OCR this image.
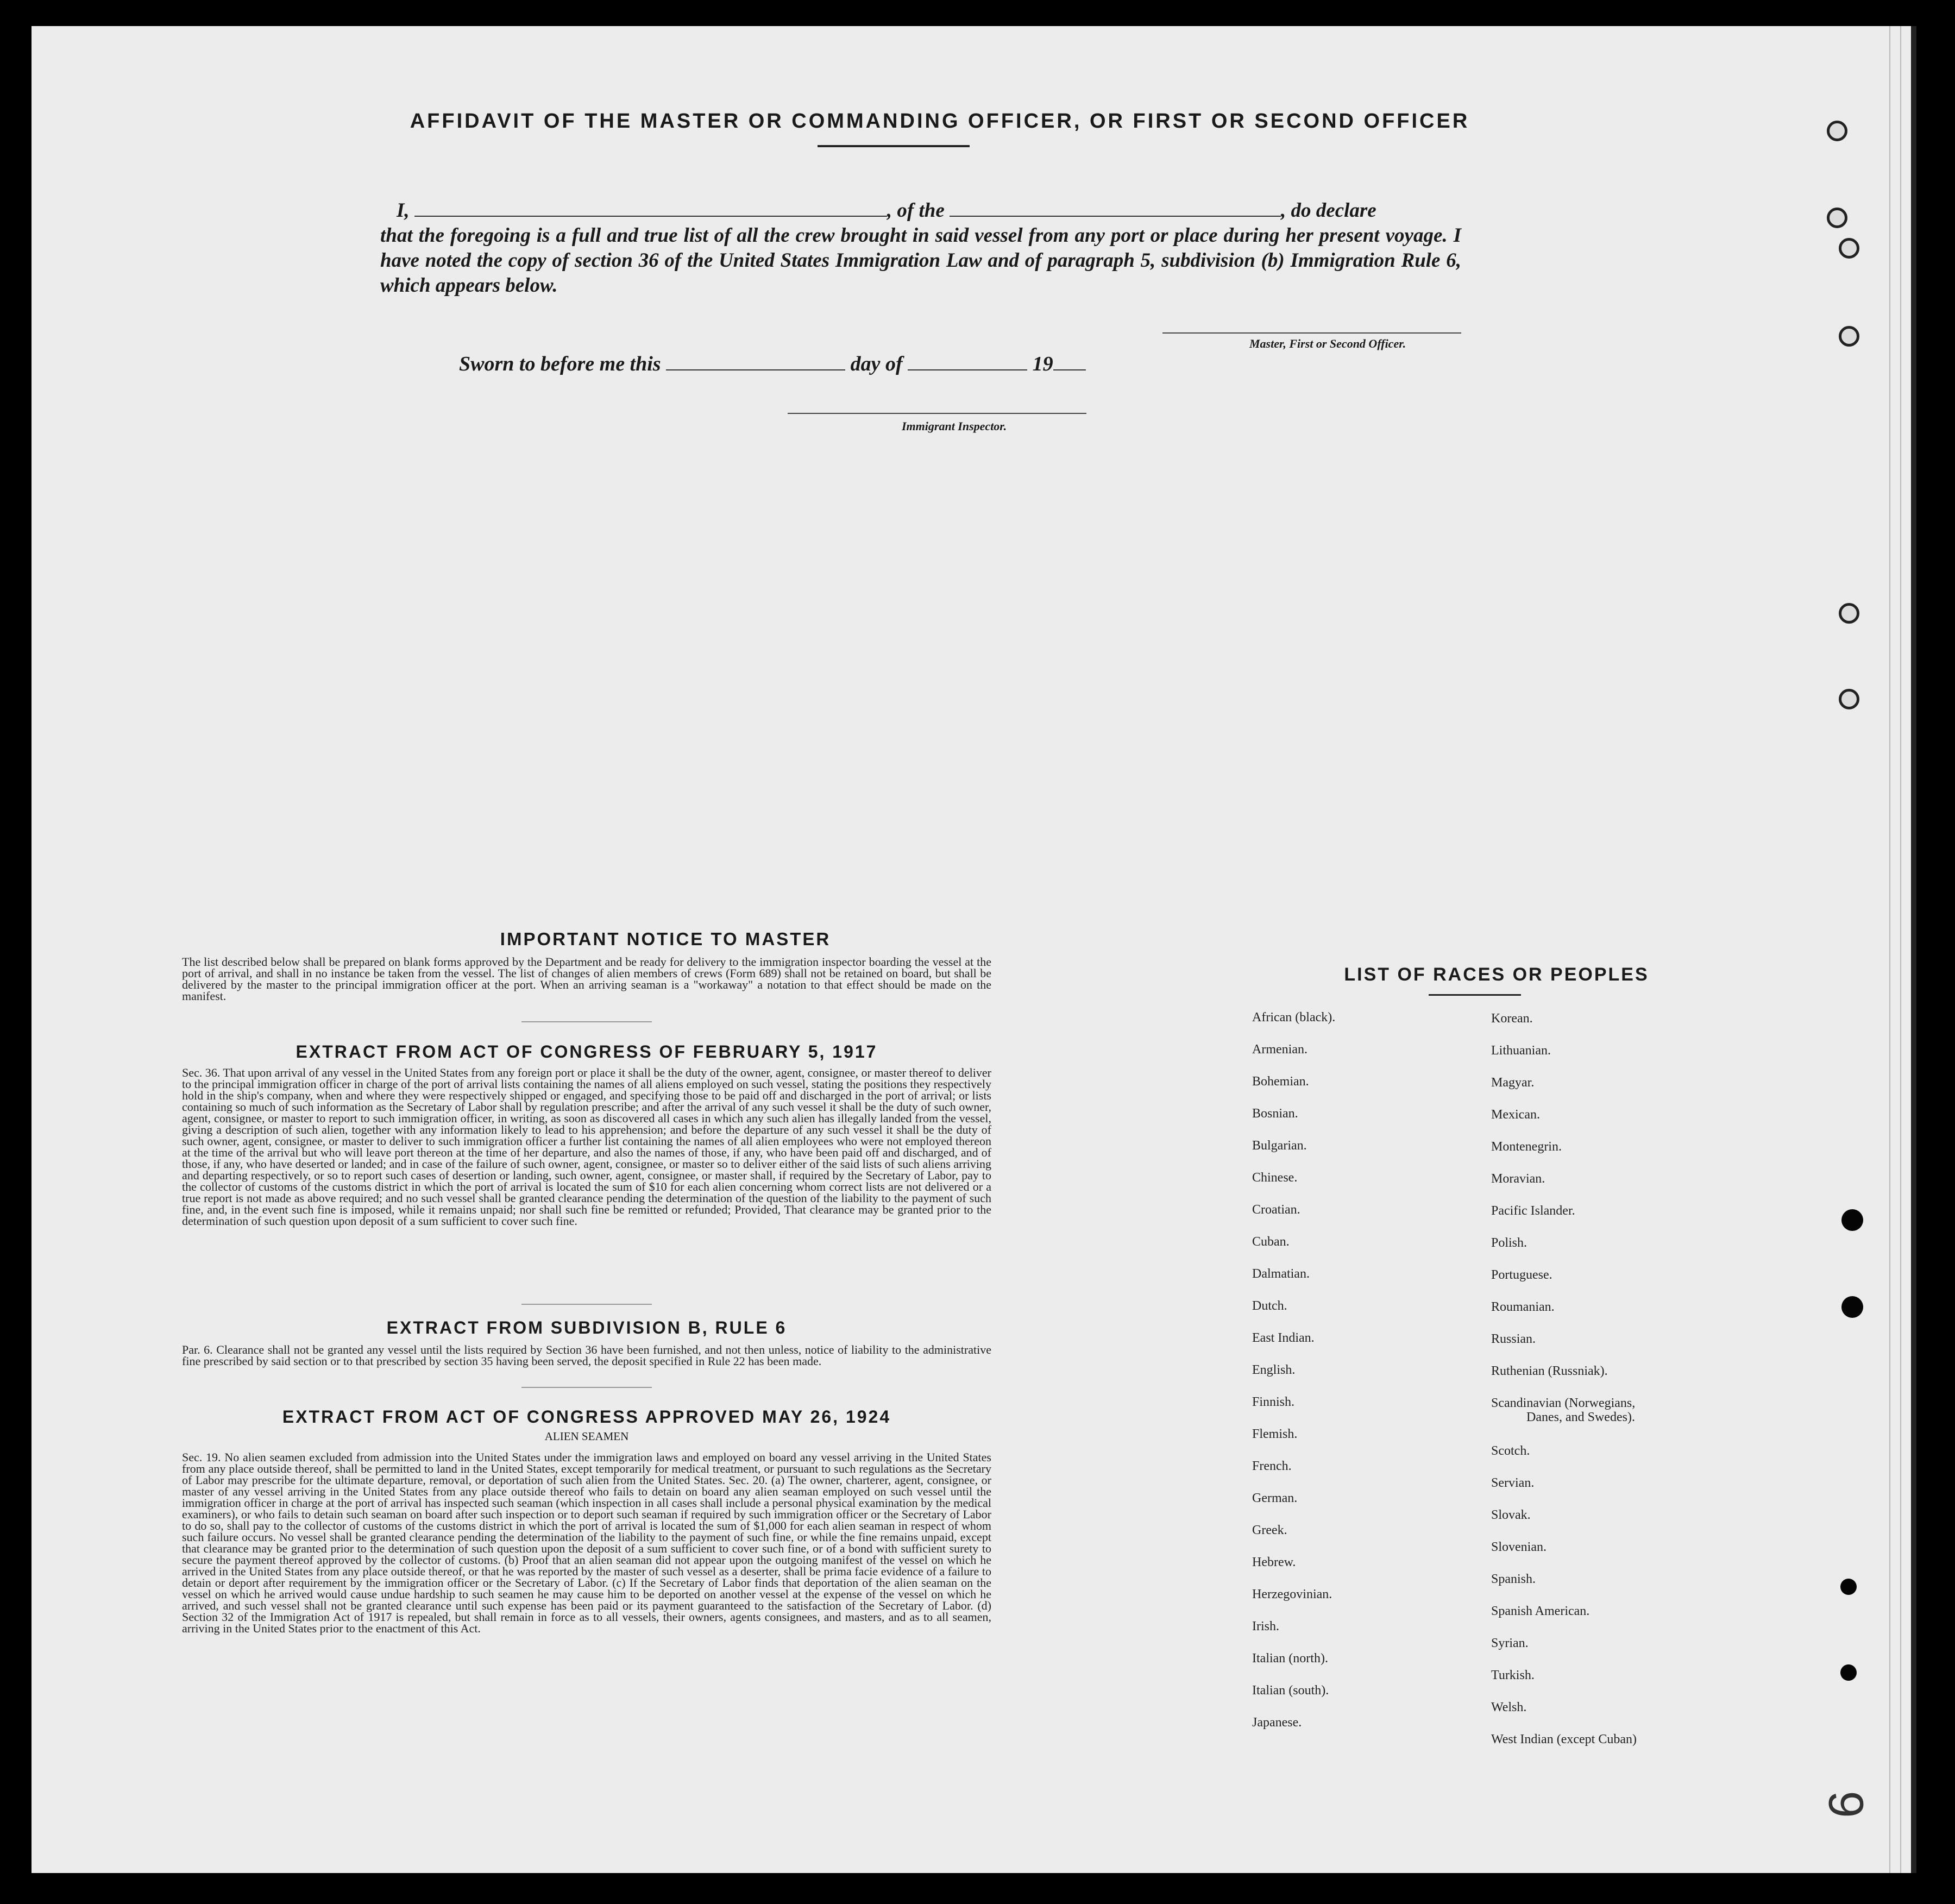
AFFIDAVIT OF THE MASTER OR COMMANDING OFFICER, OR FIRST OR SECOND OFFICER
I,	, of the	, do declare
that the foregoing is a full and true list of all the crew brought in said vessel from any port or place during her present voyage. I have noted the copy of section 36 of the United States Immigration Law and of paragraph 5, subdivision (b) Immigration Rule 6, which appears below.
Master, First or Second Officer.
Sworn to before me this	day of	19
Immigrant Inspector.
IMPORTANT NOTICE TO MASTER
The list described below shall be prepared on blank forms approved by the Department and be ready for delivery to the immigration inspector boarding the vessel at the port of arrival, and shall in no instance be taken from the vessel. The list of changes of alien members of crews (Form 689) shall not be retained on board, but shall be delivered by the master to the principal immigration officer at the port. When an arriving seaman is a "workaway" a notation to that effect should be made on the manifest.
EXTRACT FROM ACT OF CONGRESS OF FEBRUARY 5, 1917
Sec. 36. That upon arrival of any vessel in the United States from any foreign port or place it shall be the duty of the owner, agent, consignee, or master thereof to deliver to the principal immigration officer in charge of the port of arrival lists containing the names of all aliens employed on such vessel, stating the positions they respectively hold in the ship's company, when and where they were respectively shipped or engaged, and specifying those to be paid off and discharged in the port of arrival; or lists containing so much of such information as the Secretary of Labor shall by regulation prescribe; and after the arrival of any such vessel it shall be the duty of such owner, agent, consignee, or master to report to such immigration officer, in writing, as soon as discovered all cases in which any such alien has illegally landed from the vessel, giving a description of such alien, together with any information likely to lead to his apprehension; and before the departure of any such vessel it shall be the duty of such owner, agent, consignee, or master to deliver to such immigration officer a further list containing the names of all alien employees who were not employed thereon at the time of the arrival but who will leave port thereon at the time of her departure, and also the names of those, if any, who have been paid off and discharged, and of those, if any, who have deserted or landed; and in case of the failure of such owner, agent, consignee, or master so to deliver either of the said lists of such aliens arriving and departing respectively, or so to report such cases of desertion or landing, such owner, agent, consignee, or master shall, if required by the Secretary of Labor, pay to the collector of customs of the customs district in which the port of arrival is located the sum of $10 for each alien concerning whom correct lists are not delivered or a true report is not made as above required; and no such vessel shall be granted clearance pending the determination of the question of the liability to the payment of such fine, and, in the event such fine is imposed, while it remains unpaid; nor shall such fine be remitted or refunded; Provided, That clearance may be granted prior to the determination of such question upon deposit of a sum sufficient to cover such fine.
EXTRACT FROM SUBDIVISION B, RULE 6
Par. 6. Clearance shall not be granted any vessel until the lists required by Section 36 have been furnished, and not then unless, notice of liability to the administrative fine prescribed by said section or to that prescribed by section 35 having been served, the deposit specified in Rule 22 has been made.
EXTRACT FROM ACT OF CONGRESS APPROVED MAY 26, 1924
ALIEN SEAMEN
Sec. 19. No alien seamen excluded from admission into the United States under the immigration laws and employed on board any vessel arriving in the United States from any place outside thereof, shall be permitted to land in the United States, except temporarily for medical treatment, or pursuant to such regulations as the Secretary of Labor may prescribe for the ultimate departure, removal, or deportation of such alien from the United States. Sec. 20. (a) The owner, charterer, agent, consignee, or master of any vessel arriving in the United States from any place outside thereof who fails to detain on board any alien seaman employed on such vessel until the immigration officer in charge at the port of arrival has inspected such seaman (which inspection in all cases shall include a personal physical examination by the medical examiners), or who fails to detain such seaman on board after such inspection or to deport such seaman if required by such immigration officer or the Secretary of Labor to do so, shall pay to the collector of customs of the customs district in which the port of arrival is located the sum of $1,000 for each alien seaman in respect of whom such failure occurs. No vessel shall be granted clearance pending the determination of the liability to the payment of such fine, or while the fine remains unpaid, except that clearance may be granted prior to the determination of such question upon the deposit of a sum sufficient to cover such fine, or of a bond with sufficient surety to secure the payment thereof approved by the collector of customs. (b) Proof that an alien seaman did not appear upon the outgoing manifest of the vessel on which he arrived in the United States from any place outside thereof, or that he was reported by the master of such vessel as a deserter, shall be prima facie evidence of a failure to detain or deport after requirement by the immigration officer or the Secretary of Labor. (c) If the Secretary of Labor finds that deportation of the alien seaman on the vessel on which he arrived would cause undue hardship to such seamen he may cause him to be deported on another vessel at the expense of the vessel on which he arrived, and such vessel shall not be granted clearance until such expense has been paid or its payment guaranteed to the satisfaction of the Secretary of Labor. (d) Section 32 of the Immigration Act of 1917 is repealed, but shall remain in force as to all vessels, their owners, agents consignees, and masters, and as to all seamen, arriving in the United States prior to the enactment of this Act.
LIST OF RACES OR PEOPLES
African (black).
Armenian.
Bohemian.
Bosnian.
Bulgarian.
Chinese.
Croatian.
Cuban.
Dalmatian.
Dutch.
East Indian.
English.
Finnish.
Flemish.
French.
German.
Greek.
Hebrew.
Herzegovinian.
Irish.
Italian (north).
Italian (south).
Japanese.
Korean.
Lithuanian.
Magyar.
Mexican.
Montenegrin.
Moravian.
Pacific Islander.
Polish.
Portuguese.
Roumanian.
Russian.
Ruthenian (Russniak).
Scandinavian (Norwegians,
Danes, and Swedes).
Scotch.
Servian.
Slovak.
Slovenian.
Spanish.
Spanish American.
Syrian.
Turkish.
Welsh.
West Indian (except Cuban)
9
